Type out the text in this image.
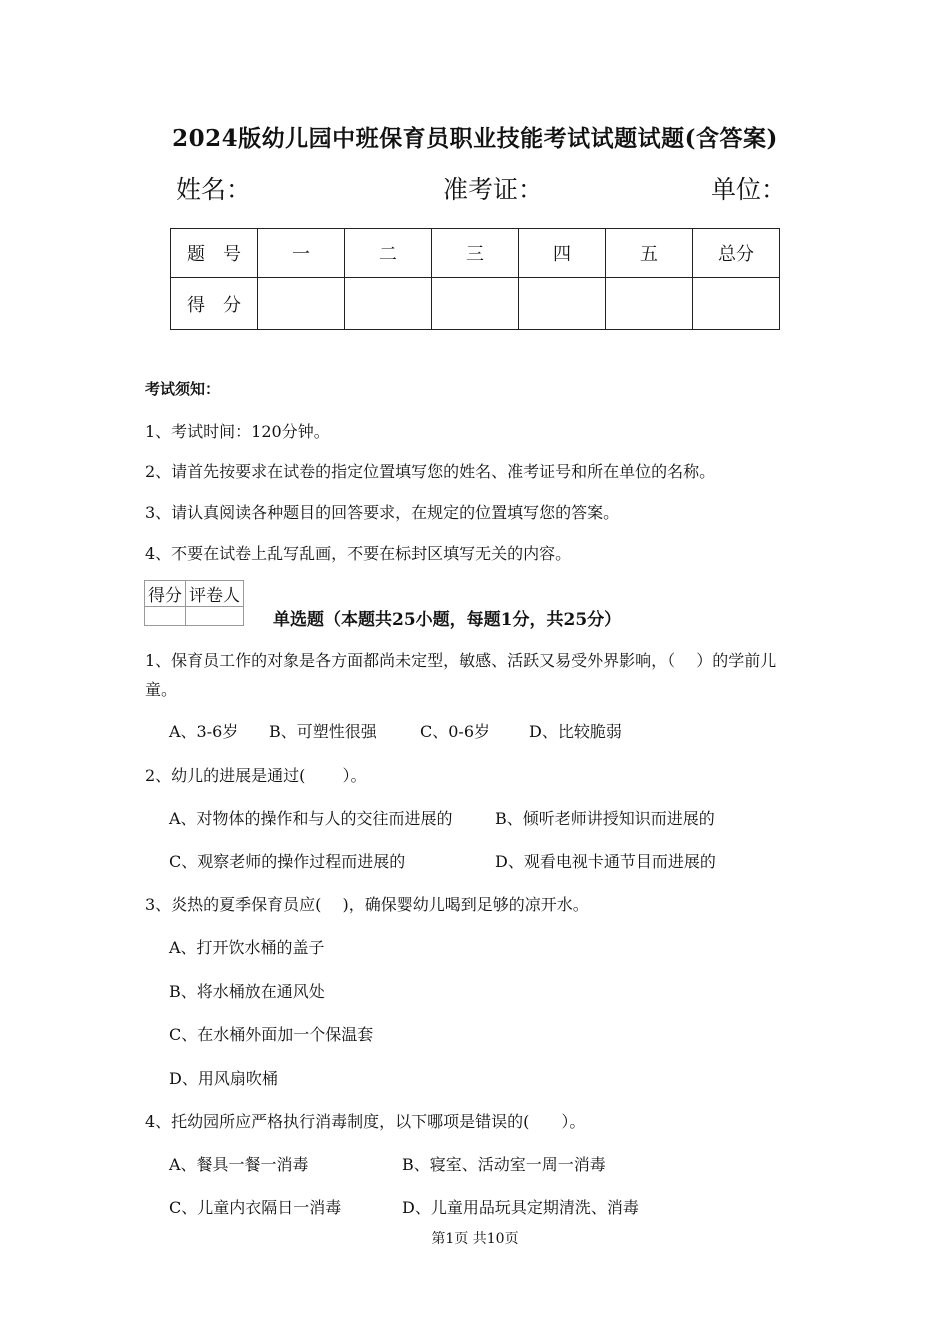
2024版幼儿园中班保育员职业技能考试试题试题(含答案)
姓名：	准考证：	单位：
题　号	一	二	三	四	五	总分
得　分						
考试须知：
1、考试时间：120分钟。
2、请首先按要求在试卷的指定位置填写您的姓名、准考证号和所在单位的名称。
3、请认真阅读各种题目的回答要求，在规定的位置填写您的答案。
4、不要在试卷上乱写乱画，不要在标封区填写无关的内容。
得分	评卷人

单选题（本题共25小题，每题1分，共25分）
1、保育员工作的对象是各方面都尚未定型，敏感、活跃又易受外界影响，（　 ）的学前儿
童。
A、3-6岁 B、可塑性很强	C、0-6岁 D、比较脆弱
2、幼儿的进展是通过(　　 ）。
A、对物体的操作和与人的交往而进展的	B、倾听老师讲授知识而进展的
C、观察老师的操作过程而进展的	D、观看电视卡通节目而进展的
3、炎热的夏季保育员应(　 )，确保婴幼儿喝到足够的凉开水。
A、打开饮水桶的盖子
B、将水桶放在通风处
C、在水桶外面加一个保温套
D、用风扇吹桶
4、托幼园所应严格执行消毒制度，以下哪项是错误的(　　）。
A、餐具一餐一消毒	B、寝室、活动室一周一消毒
C、儿童内衣隔日一消毒	D、儿童用品玩具定期清洗、消毒
第1页 共10页
